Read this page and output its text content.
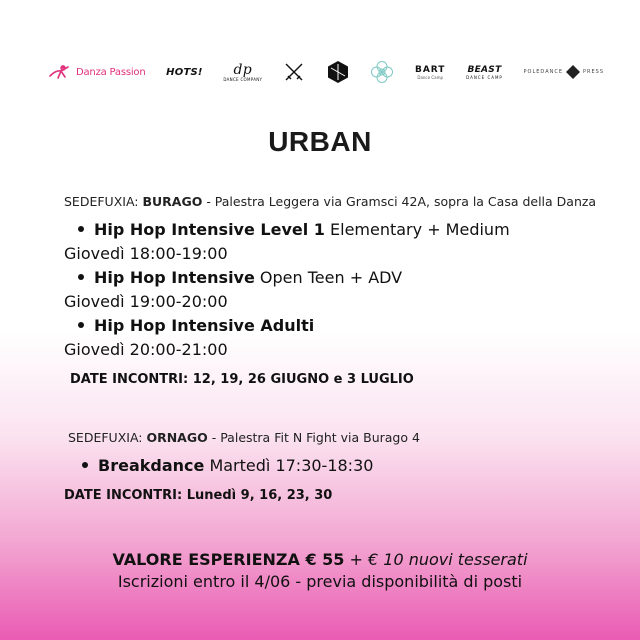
Danza Passion HOTS! dp
DANCE COMPANY
BART
Dance Camp
BEAST
DANCE CAMP
POLEDANCE	PRESS
URBAN
SEDEFUXIA: BURAGO - Palestra Leggera via Gramsci 42A, sopra la Casa della Danza
Hip Hop Intensive Level 1 Elementary + Medium
Giovedì 18:00-19:00
Hip Hop Intensive Open Teen + ADV
Giovedì 19:00-20:00
Hip Hop Intensive Adulti
Giovedì 20:00-21:00
DATE INCONTRI: 12, 19, 26 GIUGNO e 3 LUGLIO
SEDEFUXIA: ORNAGO - Palestra Fit N Fight via Burago 4
Breakdance Martedì 17:30-18:30
DATE INCONTRI: Lunedì 9, 16, 23, 30
VALORE ESPERIENZA € 55 + € 10 nuovi tesserati
Iscrizioni entro il 4/06 - previa disponibilità di posti
